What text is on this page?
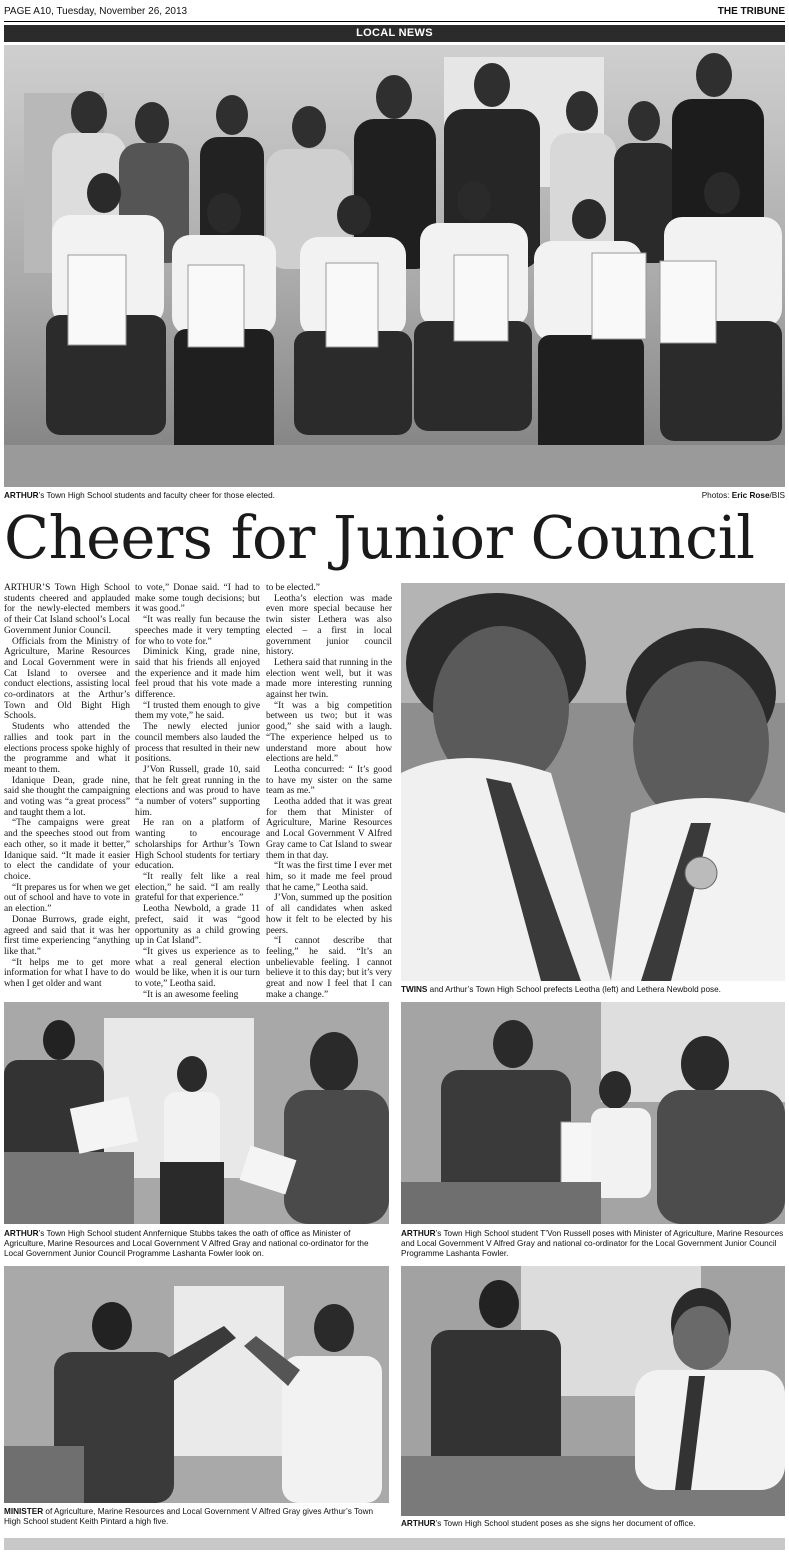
PAGE A10, Tuesday, November 26, 2013	THE TRIBUNE
LOCAL NEWS
ARTHUR’s Town High School students and faculty cheer for those elected.	Photos: Eric Rose/BIS
Cheers for Junior Council

ARTHUR’S Town High School students cheered and applauded for the newly-elected members of their Cat Island school’s Local Government Junior Council.

Officials from the Ministry of Agriculture, Marine Resources and Local Government were in Cat Island to oversee and conduct elections, assisting local co-ordinators at the Arthur’s Town and Old Bight High Schools.

Students who attended the rallies and took part in the elections process spoke highly of the programme and what it meant to them.

Idanique Dean, grade nine, said she thought the campaigning and voting was “a great process” and taught them a lot.

“The campaigns were great and the speeches stood out from each other, so it made it better,” Idanique said. “It made it easier to elect the candidate of your choice.

“It prepares us for when we get out of school and have to vote in an election.”

Donae Burrows, grade eight, agreed and said that it was her first time experiencing “anything like that.”

“It helps me to get more information for what I have to do when I get older and want

to vote,” Donae said. “I had to make some tough decisions; but it was good.”

“It was really fun because the speeches made it very tempting for who to vote for.”

Diminick King, grade nine, said that his friends all enjoyed the experience and it made him feel proud that his vote made a difference.

“I trusted them enough to give them my vote,” he said.

The newly elected junior council members also lauded the process that resulted in their new positions.

J’Von Russell, grade 10, said that he felt great running in the elections and was proud to have “a number of voters” supporting him.

He ran on a platform of wanting to encourage scholarships for Arthur’s Town High School students for tertiary education.

“It really felt like a real election,” he said. “I am really grateful for that experience.”

Leotha Newbold, a grade 11 prefect, said it was “good opportunity as a child growing up in Cat Island”.

“It gives us experience as to what a real general election would be like, when it is our turn to vote,” Leotha said.

“It is an awesome feeling

to be elected.”

Leotha’s election was made even more special because her twin sister Lethera was also elected – a first in local government junior council history.

Lethera said that running in the election went well, but it was made more interesting running against her twin.

“It was a big competition between us two; but it was good,” she said with a laugh. “The experience helped us to understand more about how elections are held.”

Leotha concurred: “ It’s good to have my sister on the same team as me.”

Leotha added that it was great for them that Minister of Agriculture, Marine Resources and Local Government V Alfred Gray came to Cat Island to swear them in that day.

“It was the first time I ever met him, so it made me feel proud that he came,” Leotha said.

J’Von, summed up the position of all candidates when asked how it felt to be elected by his peers.

“I cannot describe that feeling,” he said. “It’s an unbelievable feeling. I cannot believe it to this day; but it’s very great and now I feel that I can make a change.”

TWINS and Arthur’s Town High School prefects Leotha (left) and Lethera Newbold pose.
ARTHUR’s Town High School student Annfernique Stubbs takes the oath of office as Minister of Agriculture, Marine Resources and Local Government V Alfred Gray and national co-ordinator for the Local Government Junior Council Programme Lashanta Fowler look on.
ARTHUR’s Town High School student T’Von Russell poses with Minister of Agriculture, Marine Resources and Local Government V Alfred Gray and national co-ordinator for the Local Government Junior Council Programme Lashanta Fowler.
MINISTER of Agriculture, Marine Resources and Local Government V Alfred Gray gives Arthur’s Town High School student Keith Pintard a high five.	ARTHUR’s Town High School student poses as she signs her document of office.
